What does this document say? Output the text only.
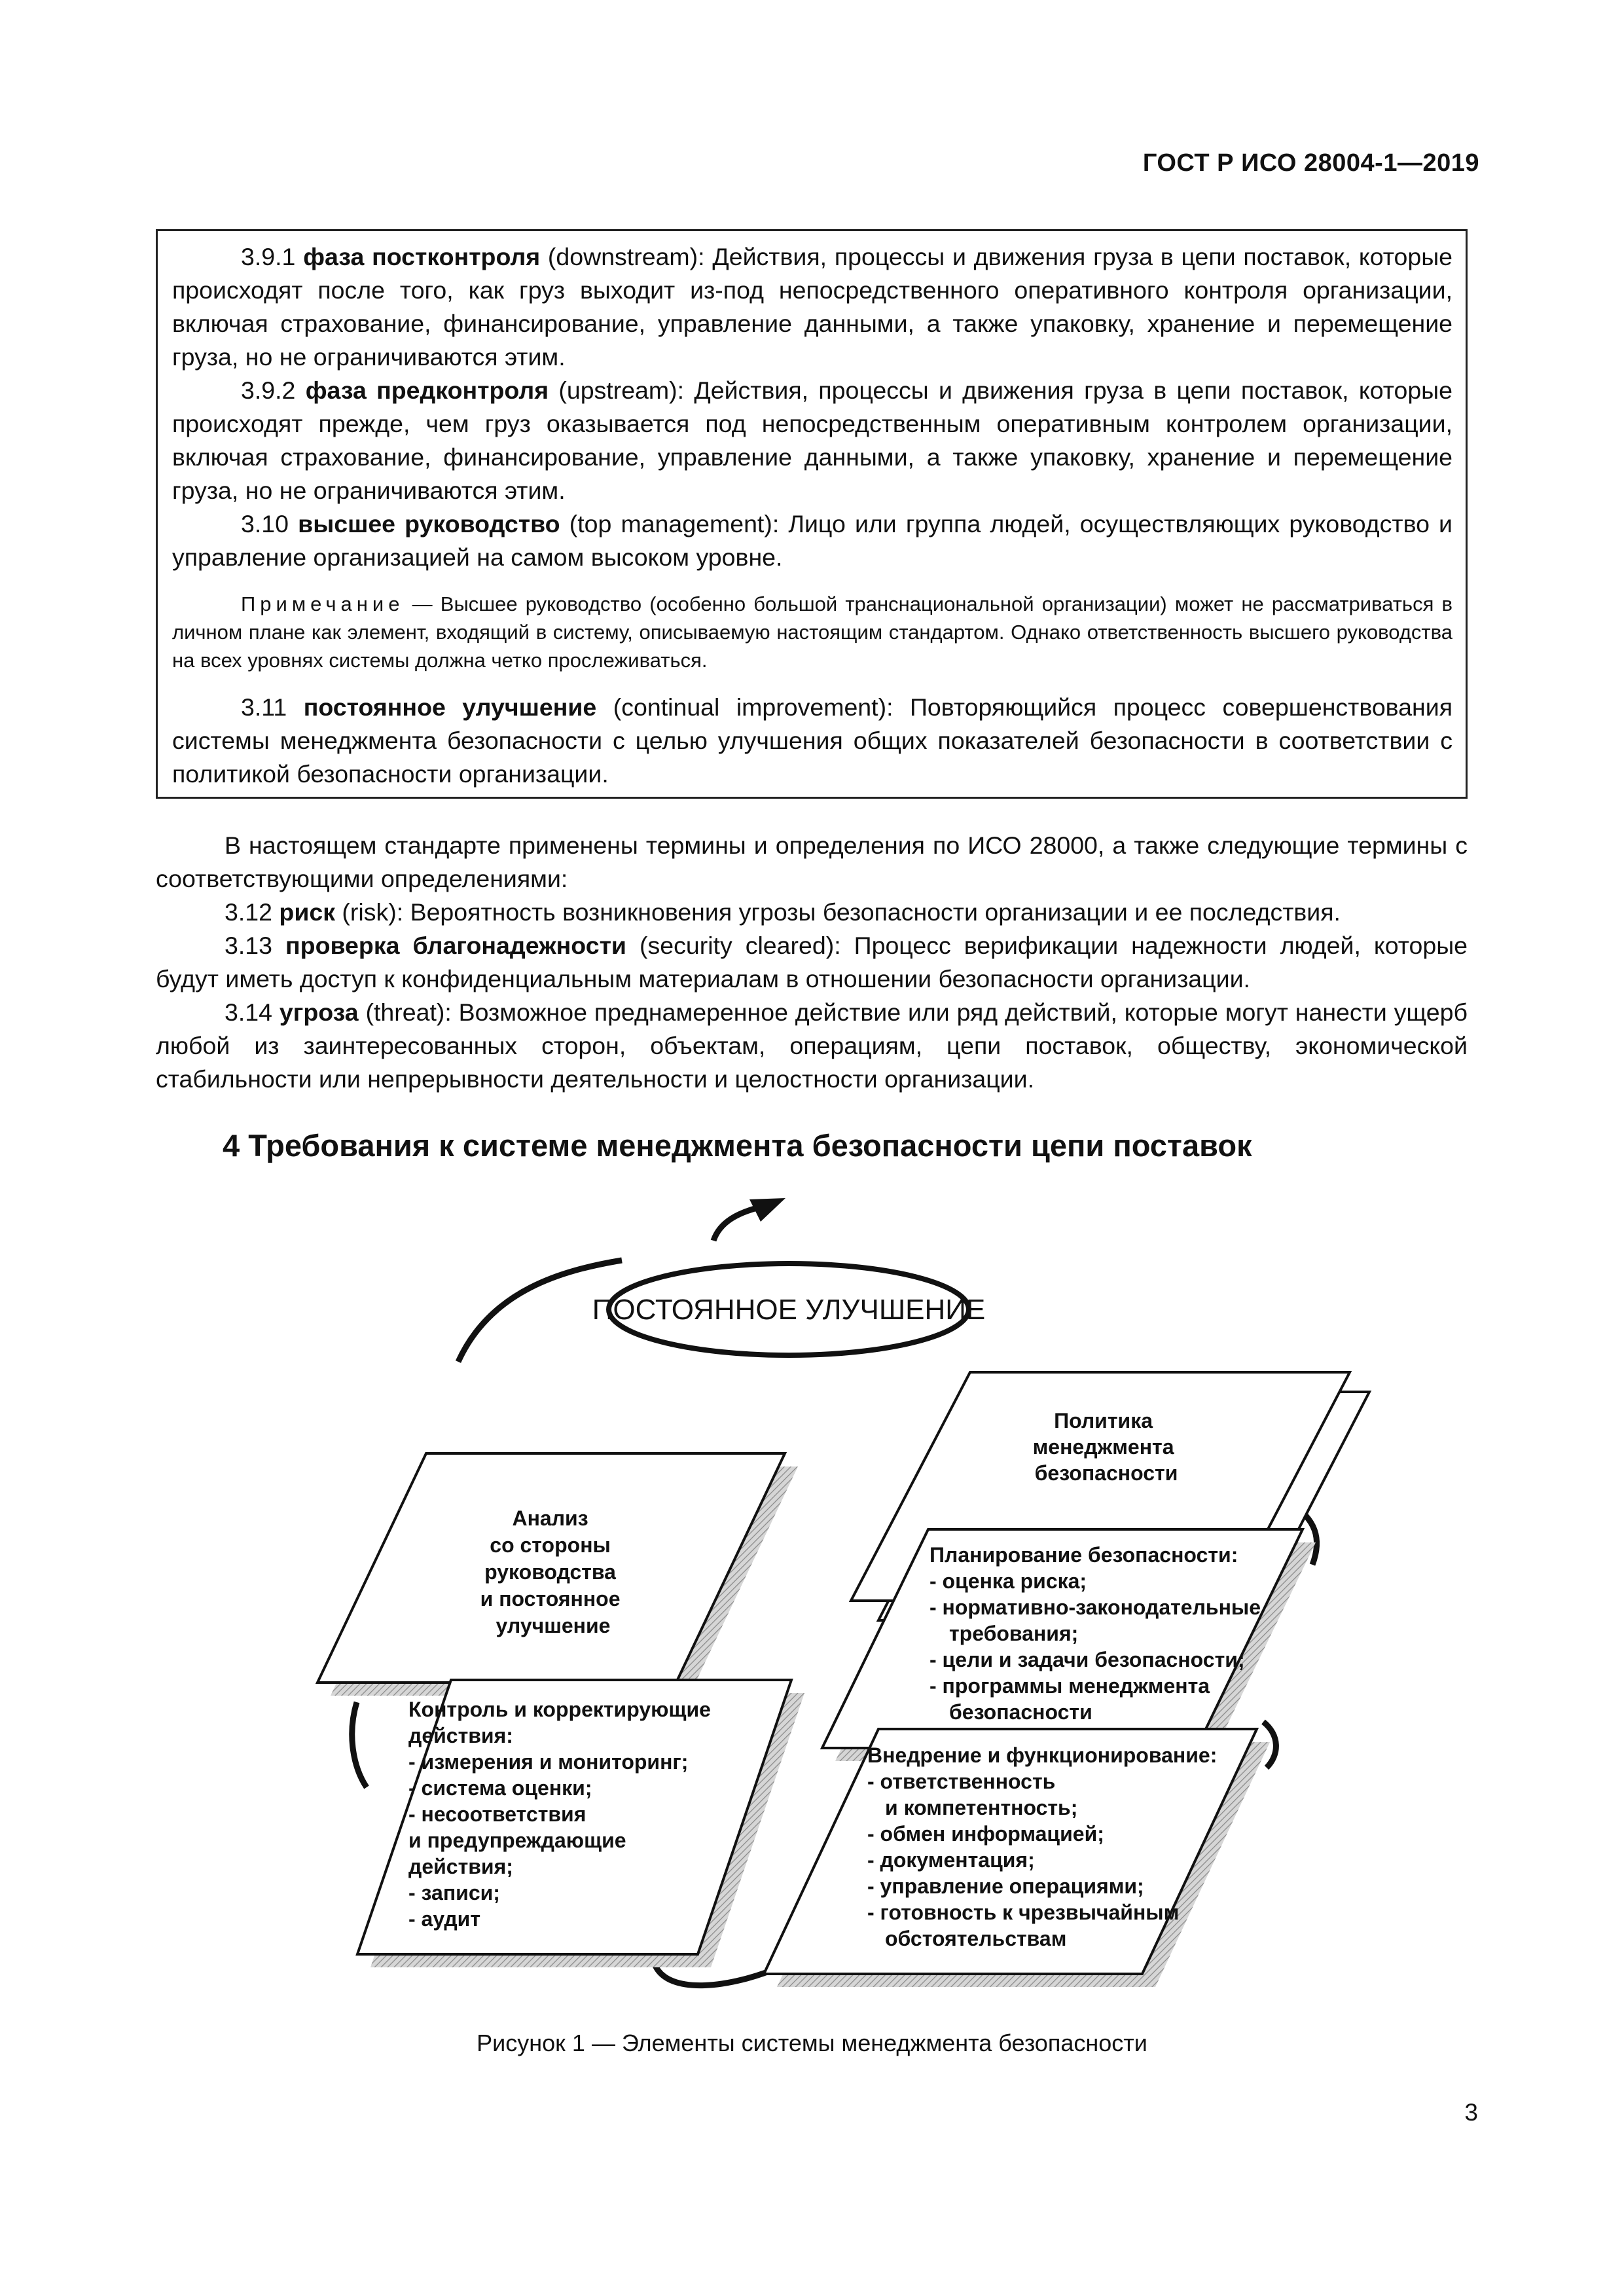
ГОСТ Р ИСО 28004-1—2019
3.9.1 фаза постконтроля (downstream): Действия, процессы и движения груза в цепи поставок, которые происходят после того, как груз выходит из-под непосредственного оперативного контроля организации, включая страхование, финансирование, управление данными, а также упаковку, хранение и перемещение груза, но не ограничиваются этим.
3.9.2 фаза предконтроля (upstream): Действия, процессы и движения груза в цепи поставок, которые происходят прежде, чем груз оказывается под непосредственным оперативным контролем организации, включая страхование, финансирование, управление данными, а также упаковку, хранение и перемещение груза, но не ограничиваются этим.
3.10 высшее руководство (top management): Лицо или группа людей, осуществляющих руководство и управление организацией на самом высоком уровне.
Примечание — Высшее руководство (особенно большой транснациональной организации) может не рассматриваться в личном плане как элемент, входящий в систему, описываемую настоящим стандартом. Однако ответственность высшего руководства на всех уровнях системы должна четко прослеживаться.
3.11 постоянное улучшение (continual improvement): Повторяющийся процесс совершенствования системы менеджмента безопасности с целью улучшения общих показателей безопасности в соответствии с политикой безопасности организации.
В настоящем стандарте применены термины и определения по ИСО 28000, а также следующие термины с соответствующими определениями:
3.12 риск (risk): Вероятность возникновения угрозы безопасности организации и ее последствия.
3.13 проверка благонадежности (security cleared): Процесс верификации надежности людей, которые будут иметь доступ к конфиденциальным материалам в отношении безопасности организации.
3.14 угроза (threat): Возможное преднамеренное действие или ряд действий, которые могут нанести ущерб любой из заинтересованных сторон, объектам, операциям, цепи поставок, обществу, экономической стабильности или непрерывности деятельности и целостности организации.
4 Требования к системе менеджмента безопасности цепи поставок
ПОСТОЯННОЕ УЛУЧШЕНИЕ
Анализ со стороны руководства и постоянное улучшение
Контроль и корректирующие действия: - измерения и мониторинг; - система оценки; - несоответствия и предупреждающие действия; - записи; - аудит
Политика менеджмента безопасности
Планирование безопасности: - оценка риска; - нормативно-законодательные требования; - цели и задачи безопасности; - программы менеджмента безопасности
Внедрение и функционирование: - ответственность и компетентность; - обмен информацией; - документация; - управление операциями; - готовность к чрезвычайным обстоятельствам
Рисунок 1 — Элементы системы менеджмента безопасности
3
